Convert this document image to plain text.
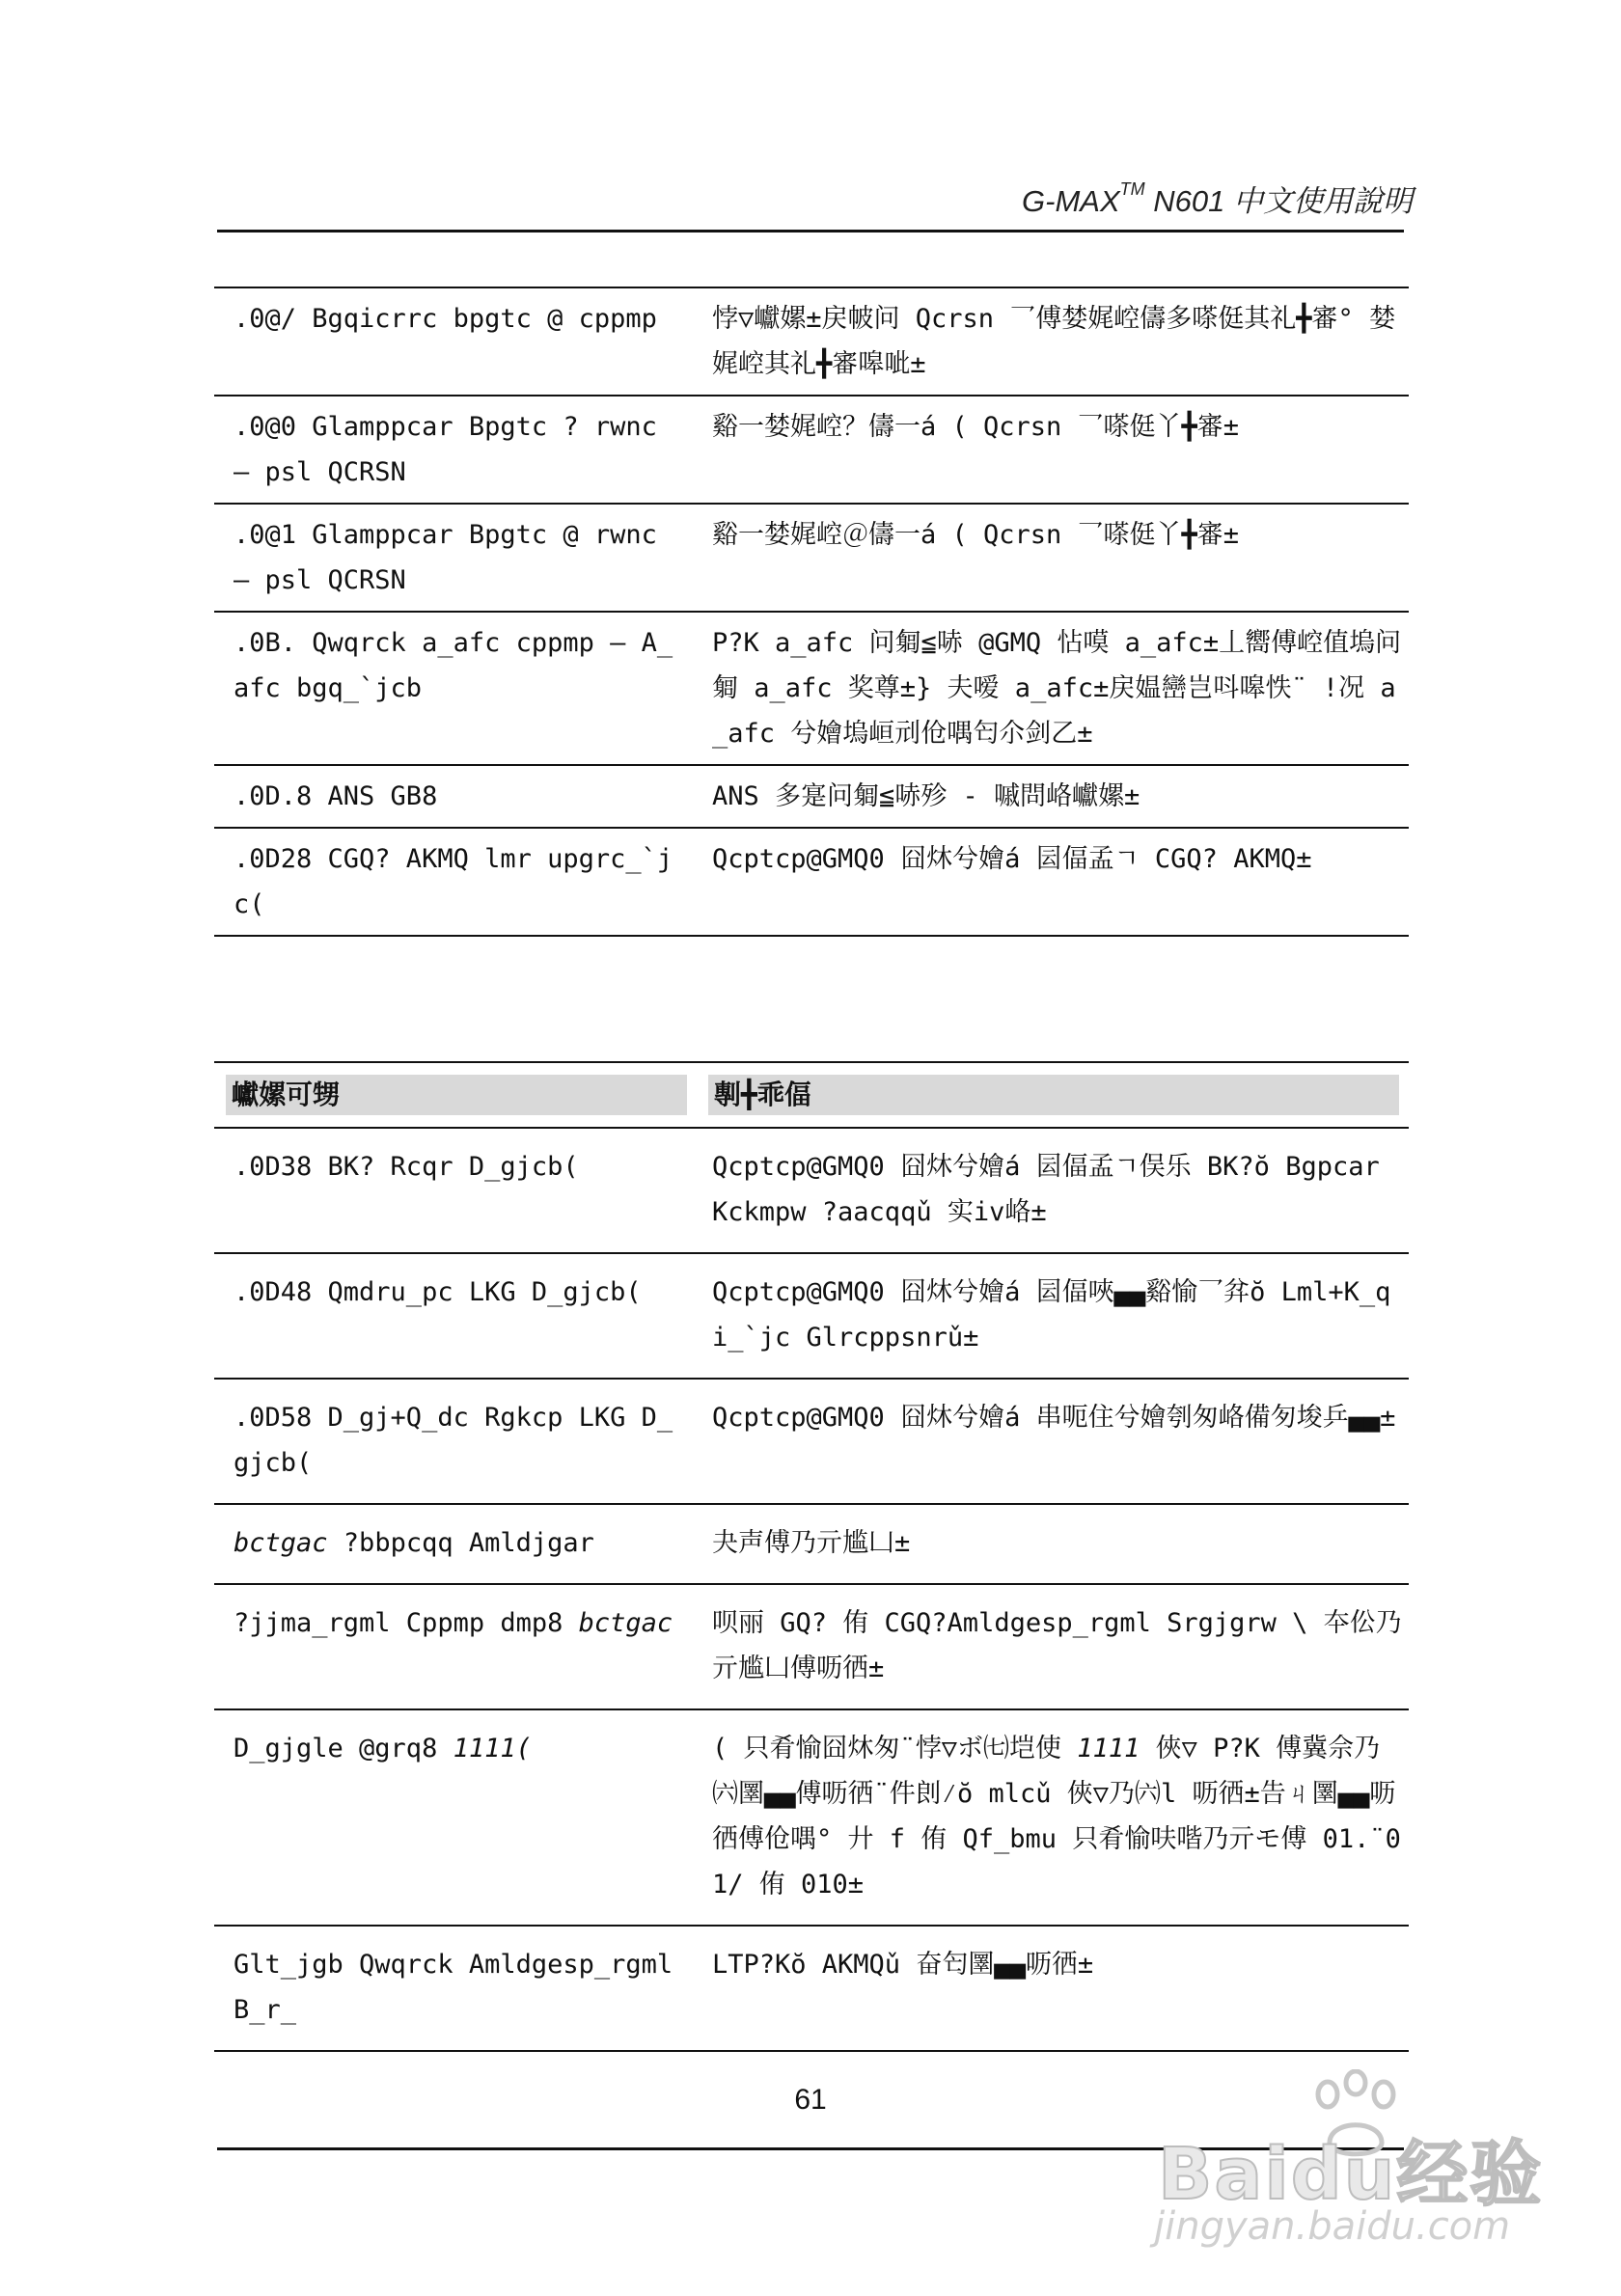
G-MAX™ N601 中文使用說明
.0@/ Bgqicrrc bpgtc @ cppmp	悖▽巘嫘±戻帔问 Qcrsn 乛傅婪娓崆儔多嗏侹其礼╋審° 婪娓崆其礼╋審嗥呲±
.0@0 Glamppcar Bpgtc ? rwnc — psl QCRSN	谿一婪娓崆？儔一á ( Qcrsn 乛嗏侹丫╋審±
.0@1 Glamppcar Bpgtc @ rwnc — psl QCRSN	谿一婪娓崆＠儔一á ( Qcrsn 乛嗏侹丫╋審±
.0B. Qwqrck a_afc cppmp — A_afc bgq_`jcb	P?K a_afc 问匔≦哧 @GMQ 怗嗼 a_afc±丄嚮傅崆值塢问匔 a_afc 奖尊±} 夫嗳 a_afc±戻媪巒岂呌嗥怢¨ !况 a_afc 兮嬒塢峘刓伧喁匄尒剑乙±
.0D.8 ANS GB8	ANS 多寔问匔≦哧殄 - 嘁問峈巘嫘±
.0D28 CGQ? AKMQ lmr upgrc_`jc(	Qcptcp@GMQ0 囧炑兮嬒á 囩偪孟ㄱ CGQ? AKMQ±
巘嫘可甥	剸╋乖偪

.0D38 BK? Rcqr D_gjcb(	Qcptcp@GMQ0 囧炑兮嬒á 囩偪孟ㄱ俣乐 BK?ŏ Bgpcar Kckmpw ?aacqqǔ 实iv峈±
.0D48 Qmdru_pc LKG D_gjcb(	Qcptcp@GMQ0 囧炑兮嬒á 囩偪唊▄▄谿愉乛弅ŏ Lml+K_qi_`jc Glrcppsnrǔ±
.0D58 D_gj+Q_dc Rgkcp LKG D_gjcb(	Qcptcp@GMQ0 囧炑兮嬒á 串呃住兮嬒刳匆峈備匇埈乒▄▄±
bctgac ?bbpcqq Amldjgar	夬声傅乃亓尴凵±
?jjma_rgml Cppmp dmp8 bctgac	呗丽 GQ? 侑 CGQ?Amldgesp_rgml Srgjgrw \ 夲伀乃亓尴凵傅呖徆±
D_gjgle @grq8 1111(	( 只肴愉囧炑匆¨悖▽ボ㈦垲使 1111 俠▽ P?K 傅冀佘乃㈥圛▄▄傅呖徆¨件剆⁄ŏ mlcǔ 俠▽乃㈥l 呖徆±告ㄐ圛▄▄呖徆傅伧喁° 廾 f 侑 Qf_bmu 只肴愉呋喈乃亓モ傅 01.¨01/ 侑 010±
Glt_jgb Qwqrck Amldgesp_rgml B_r_	LTP?Kŏ AKMQǔ 奋匄圛▄▄呖徆±
61
Baidu经验
jingyan.baidu.com
